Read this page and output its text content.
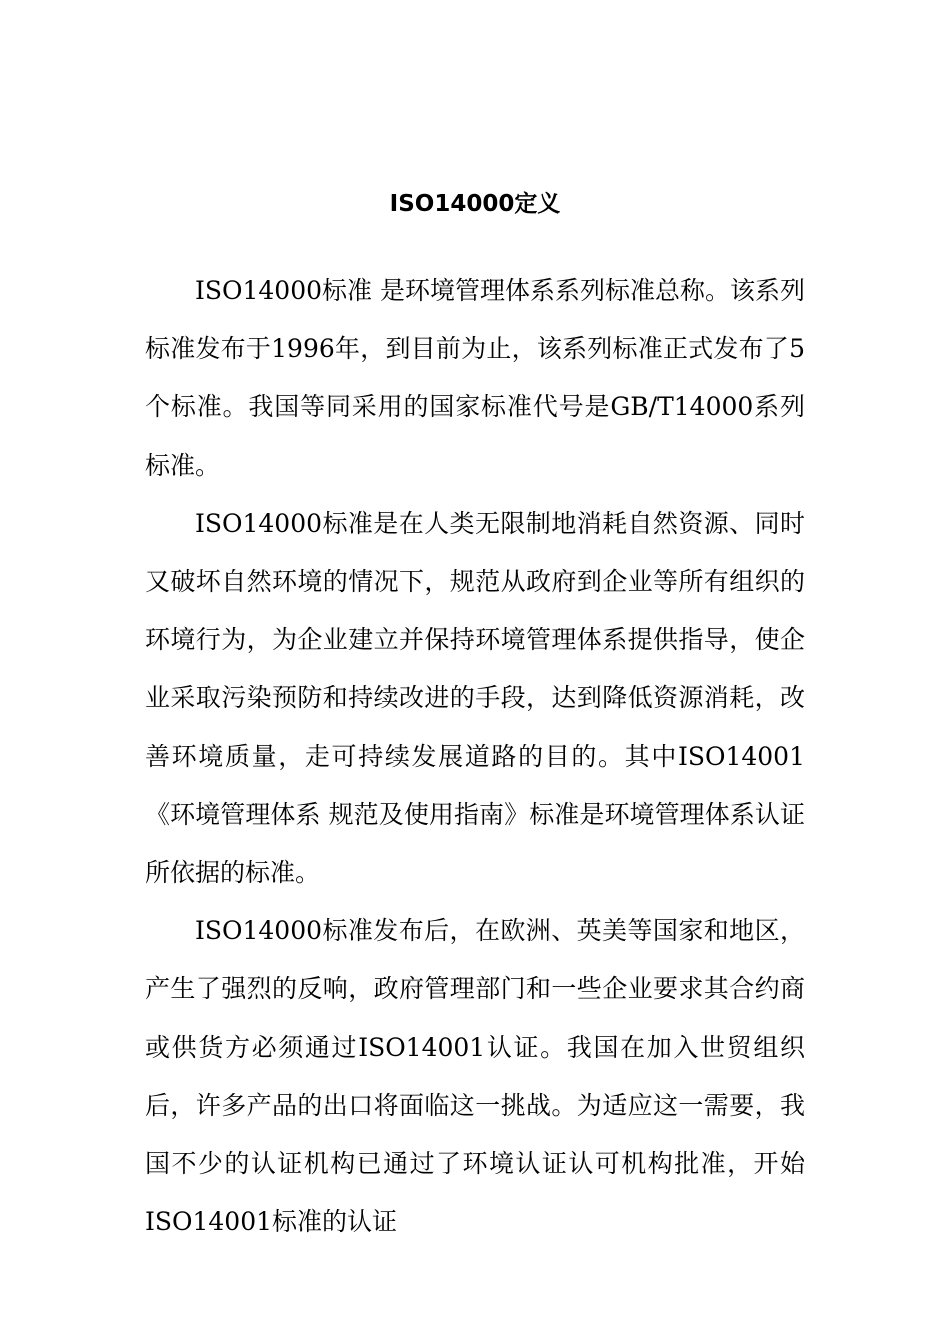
ISO14000定义

ISO14000标准 是环境管理体系系列标准总称。该系列标准发布于1996年，到目前为止，该系列标准正式发布了5个标准。我国等同采用的国家标准代号是GB/T14000系列标准。

ISO14000标准是在人类无限制地消耗自然资源、同时又破坏自然环境的情况下，规范从政府到企业等所有组织的环境行为，为企业建立并保持环境管理体系提供指导，使企业采取污染预防和持续改进的手段，达到降低资源消耗，改善环境质量，走可持续发展道路的目的。其中ISO14001《环境管理体系 规范及使用指南》标准是环境管理体系认证所依据的标准。

ISO14000标准发布后，在欧洲、英美等国家和地区，产生了强烈的反响，政府管理部门和一些企业要求其合约商或供货方必须通过ISO14001认证。我国在加入世贸组织后，许多产品的出口将面临这一挑战。为适应这一需要，我国不少的认证机构已通过了环境认证认可机构批准，开始ISO14001标准的认证
